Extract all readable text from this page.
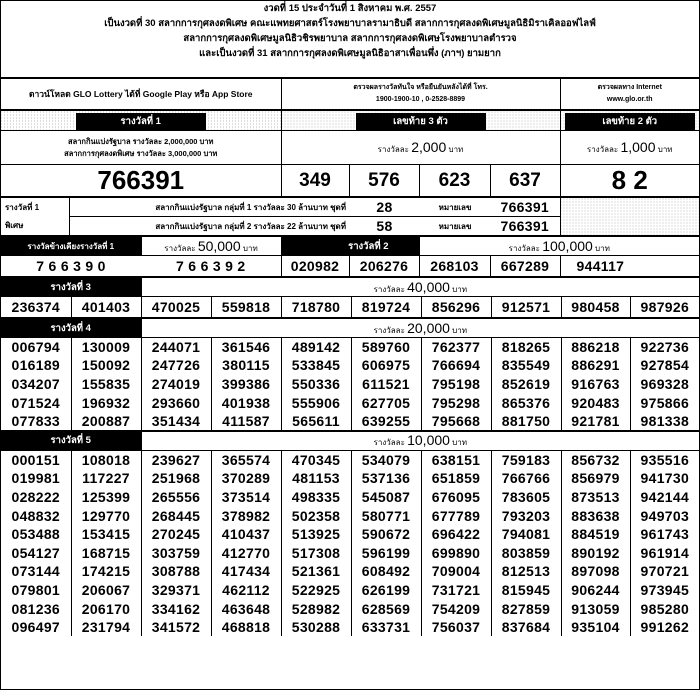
งวดที่ 15 ประจำวันที่ 1 สิงหาคม พ.ศ. 2557
เป็นงวดที่ 30 สลากการกุศลงดพิเศษ คณะแพทยศาสตร์โรงพยาบาลรามาธิบดี สลากการกุศลงดพิเศษมูลนิธิมิราเคิลออฟไลฟ์
สลากการกุศลงดพิเศษมูลนิธิวชิรพยาบาล สลากการกุศลงดพิเศษโรงพยาบาลตำรวจ
และเป็นงวดที่ 31 สลากการกุศลงดพิเศษมูลนิธิอาสาเพื่อนพึ่ง (ภาฯ) ยามยาก
ดาวน์โหลด GLO Lottery ได้ที่ Google Play หรือ App Store	
ตรวจผลรางวัลทันใจ หรือยืนยันหลังได้ที่ โทร.
1900-1900-10 , 0-2528-8899

ตรวจผลทาง Internet
www.glo.or.th
รางวัลที่ 1	เลขท้าย 3 ตัว				เลขท้าย 2 ตัว

สลากกินแบ่งรัฐบาล รางวัลละ 2,000,000 บาท
สลากการกุศลงดพิเศษ รางวัลละ 3,000,000 บาท	รางวัลละ 2,000 บาท				รางวัลละ 1,000 บาท
766391	349	576	623	637	8 2
รางวัลที่ 1	สลากกินแบ่งรัฐบาล กลุ่มที่ 1 รางวัลละ 30 ล้านบาท ชุดที่	28	หมายเลข	766391	
พิเศษ	สลากกินแบ่งรัฐบาล กลุ่มที่ 2 รางวัลละ 22 ล้านบาท ชุดที่	58	หมายเลข	766391	
รางวัลข้างเคียงรางวัลที่ 1	รางวัลละ 50,000 บาท	รางวัลที่ 2		รางวัลละ 100,000 บาท		
7 6 6 3 9 0	7 6 6 3 9 2	020982	206276	268103	667289	944117
รางวัลที่ 3		รางวัลละ 40,000 บาท							
236374	401403	470025	559818	718780	819724	856296	912571	980458	987926
รางวัลที่ 4		รางวัลละ 20,000 บาท							
006794	130009	244071	361546	489142	589760	762377	818265	886218	922736
016189	150092	247726	380115	533845	606975	766694	835549	886291	927854
034207	155835	274019	399386	550336	611521	795198	852619	916763	969328
071524	196932	293660	401938	555906	627705	795298	865376	920483	975866
077833	200887	351434	411587	565611	639255	795668	881750	921781	981338
รางวัลที่ 5		รางวัลละ 10,000 บาท							
000151	108018	239627	365574	470345	534079	638151	759183	856732	935516
019981	117227	251968	370289	481153	537136	651859	766766	856979	941730
028222	125399	265556	373514	498335	545087	676095	783605	873513	942144
048832	129770	268445	378982	502358	580771	677789	793203	883638	949703
053488	153415	270245	410437	513925	590672	696422	794081	884519	961743
054127	168715	303759	412770	517308	596199	699890	803859	890192	961914
073144	174215	308788	417434	521361	608492	709004	812513	897098	970721
079801	206067	329371	462112	522925	626199	731721	815945	906244	973945
081236	206170	334162	463648	528982	628569	754209	827859	913059	985280
096497	231794	341572	468818	530288	633731	756037	837684	935104	991262
